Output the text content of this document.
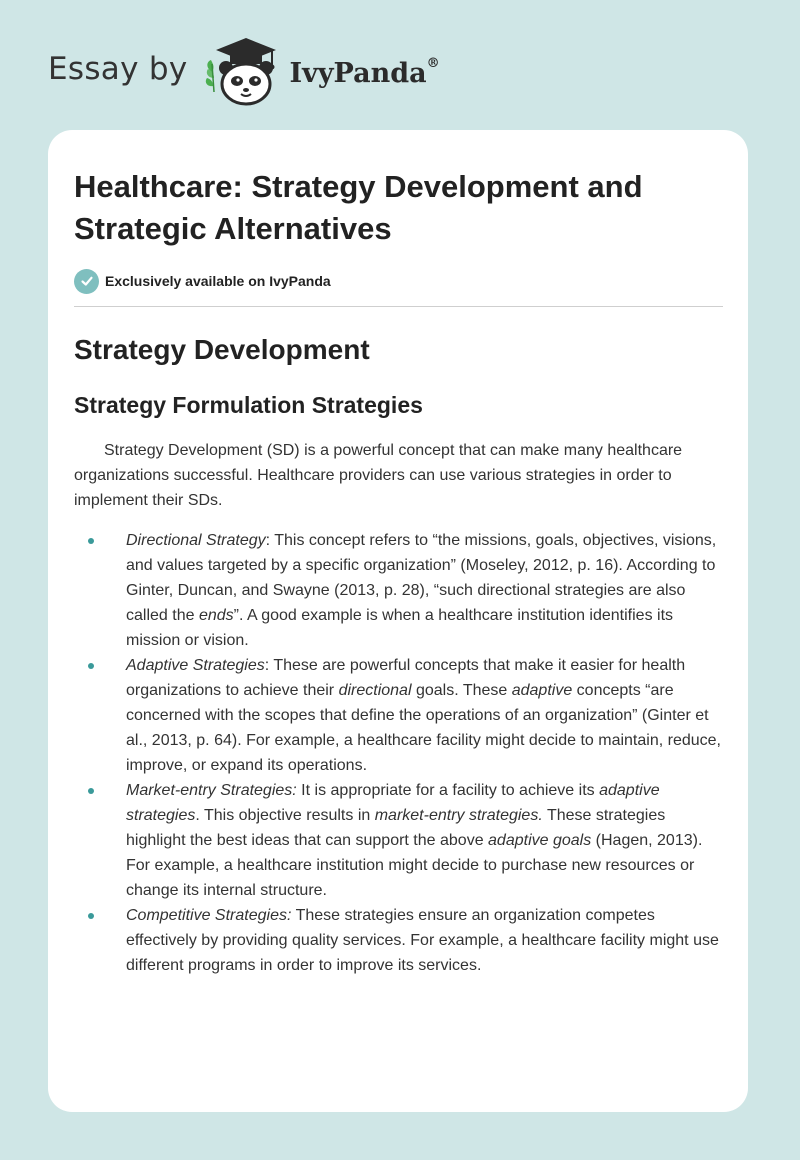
Essay by	IvyPanda®
Healthcare: Strategy Development and Strategic Alternatives
Exclusively available on IvyPanda
Strategy Development
Strategy Formulation Strategies

Strategy Development (SD) is a powerful concept that can make many healthcare organizations successful. Healthcare providers can use various strategies in order to implement their SDs.

Directional Strategy: This concept refers to “the missions, goals, objectives, visions, and values targeted by a specific organization” (Moseley, 2012, p. 16). According to Ginter, Duncan, and Swayne (2013, p. 28), “such directional strategies are also called the ends”. A good example is when a healthcare institution identifies its mission or vision.
Adaptive Strategies: These are powerful concepts that make it easier for health organizations to achieve their directional goals. These adaptive concepts “are concerned with the scopes that define the operations of an organization” (Ginter et al., 2013, p. 64). For example, a healthcare facility might decide to maintain, reduce, improve, or expand its operations.
Market-entry Strategies: It is appropriate for a facility to achieve its adaptive strategies. This objective results in market-entry strategies. These strategies highlight the best ideas that can support the above adaptive goals (Hagen, 2013). For example, a healthcare institution might decide to purchase new resources or change its internal structure.
Competitive Strategies: These strategies ensure an organization competes effectively by providing quality services. For example, a healthcare facility might use different programs in order to improve its services.
